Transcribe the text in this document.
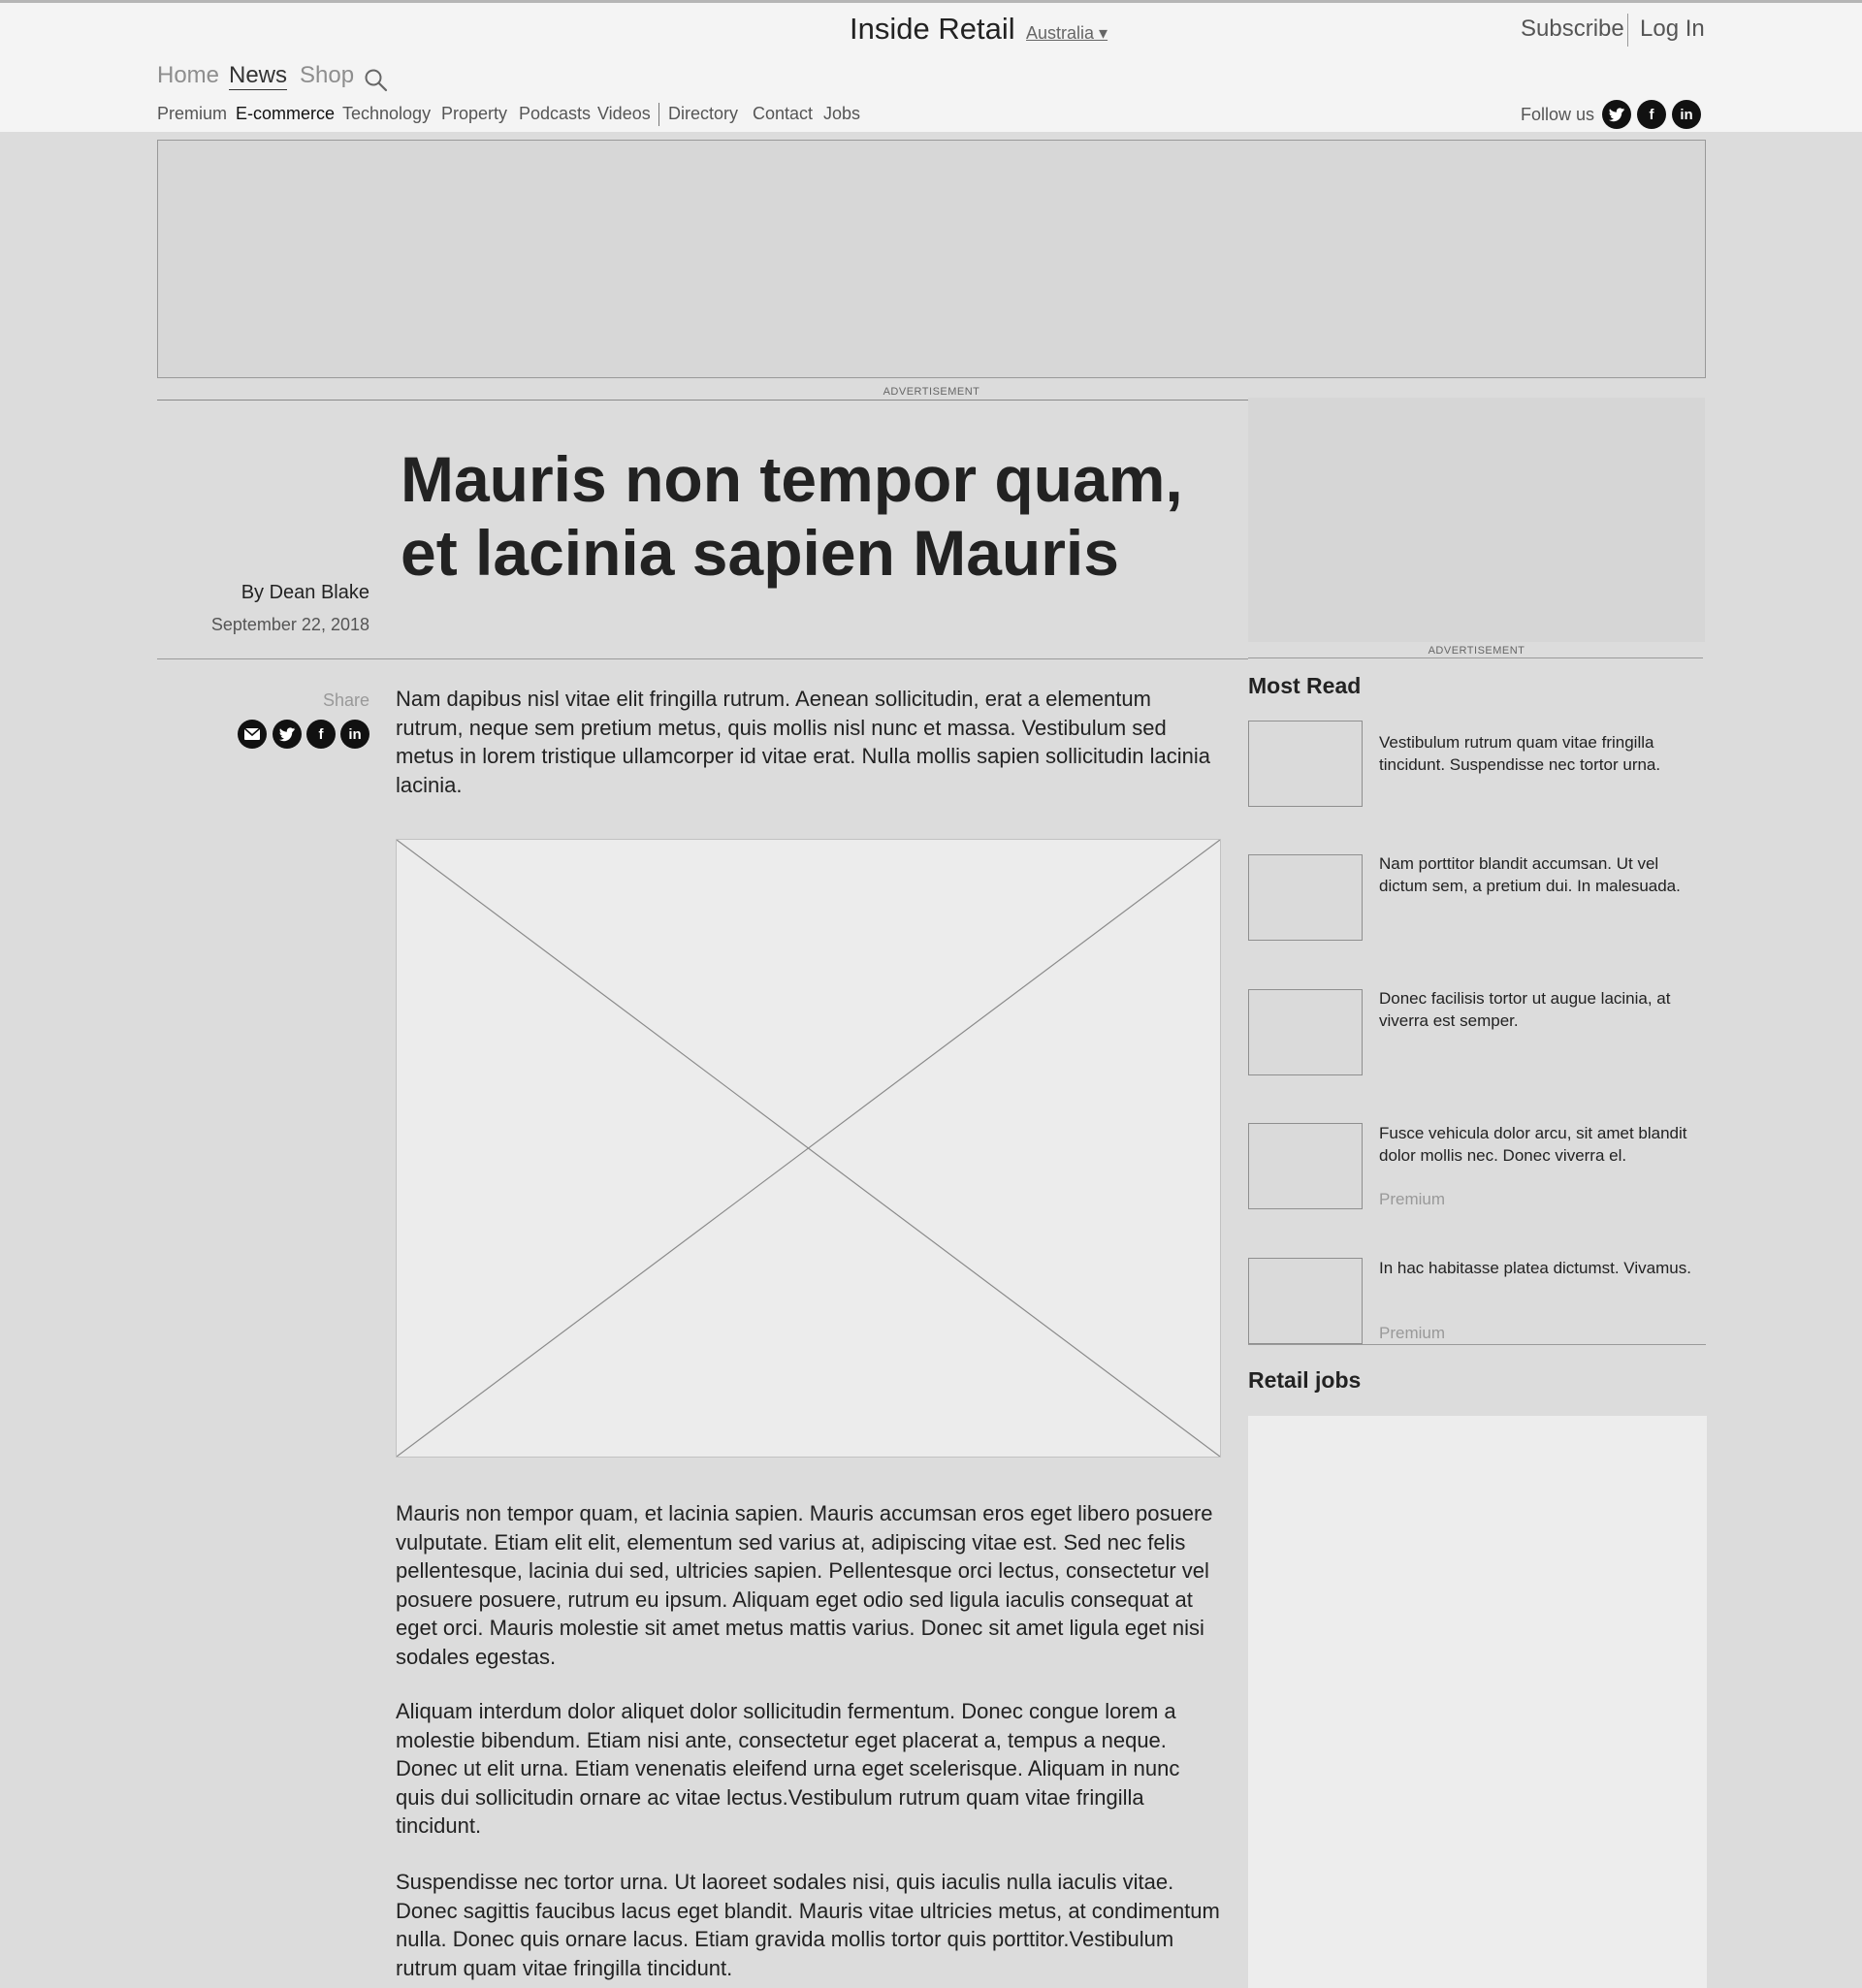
Inside Retail Australia ▾	Subscribe Log In
Home News Shop
Premium E-commerce Technology Property Podcasts Videos Directory Contact Jobs	Follow us	f	in
ADVERTISEMENT
Mauris non tempor quam, et lacinia sapien Mauris
By Dean Blake
September 22, 2018
Share
f	in
Nam dapibus nisl vitae elit fringilla rutrum. Aenean sollicitudin, erat a elementum rutrum, neque sem pretium metus, quis mollis nisl nunc et massa. Vestibulum sed metus in lorem tristique ullamcorper id vitae erat. Nulla mollis sapien sollicitudin lacinia lacinia.
Mauris non tempor quam, et lacinia sapien. Mauris accumsan eros eget libero posuere vulputate. Etiam elit elit, elementum sed varius at, adipiscing vitae est. Sed nec felis pellentesque, lacinia dui sed, ultricies sapien. Pellentesque orci lectus, consectetur vel posuere posuere, rutrum eu ipsum. Aliquam eget odio sed ligula iaculis consequat at eget orci. Mauris molestie sit amet metus mattis varius. Donec sit amet ligula eget nisi sodales egestas.
Aliquam interdum dolor aliquet dolor sollicitudin fermentum. Donec congue lorem a molestie bibendum. Etiam nisi ante, consectetur eget placerat a, tempus a neque. Donec ut elit urna. Etiam venenatis eleifend urna eget scelerisque. Aliquam in nunc quis dui sollicitudin ornare ac vitae lectus.Vestibulum rutrum quam vitae fringilla tincidunt.
Suspendisse nec tortor urna. Ut laoreet sodales nisi, quis iaculis nulla iaculis vitae. Donec sagittis faucibus lacus eget blandit. Mauris vitae ultricies metus, at condimentum nulla. Donec quis ornare lacus. Etiam gravida mollis tortor quis porttitor.Vestibulum rutrum quam vitae fringilla tincidunt.
ADVERTISEMENT
Most Read
Vestibulum rutrum quam vitae fringilla tincidunt. Suspendisse nec tortor urna.
Nam porttitor blandit accumsan. Ut vel dictum sem, a pretium dui. In malesuada.
Donec facilisis tortor ut augue lacinia, at viverra est semper.
Fusce vehicula dolor arcu, sit amet blandit dolor mollis nec. Donec viverra el.
Premium
In hac habitasse platea dictumst. Vivamus.
Premium
Retail jobs
